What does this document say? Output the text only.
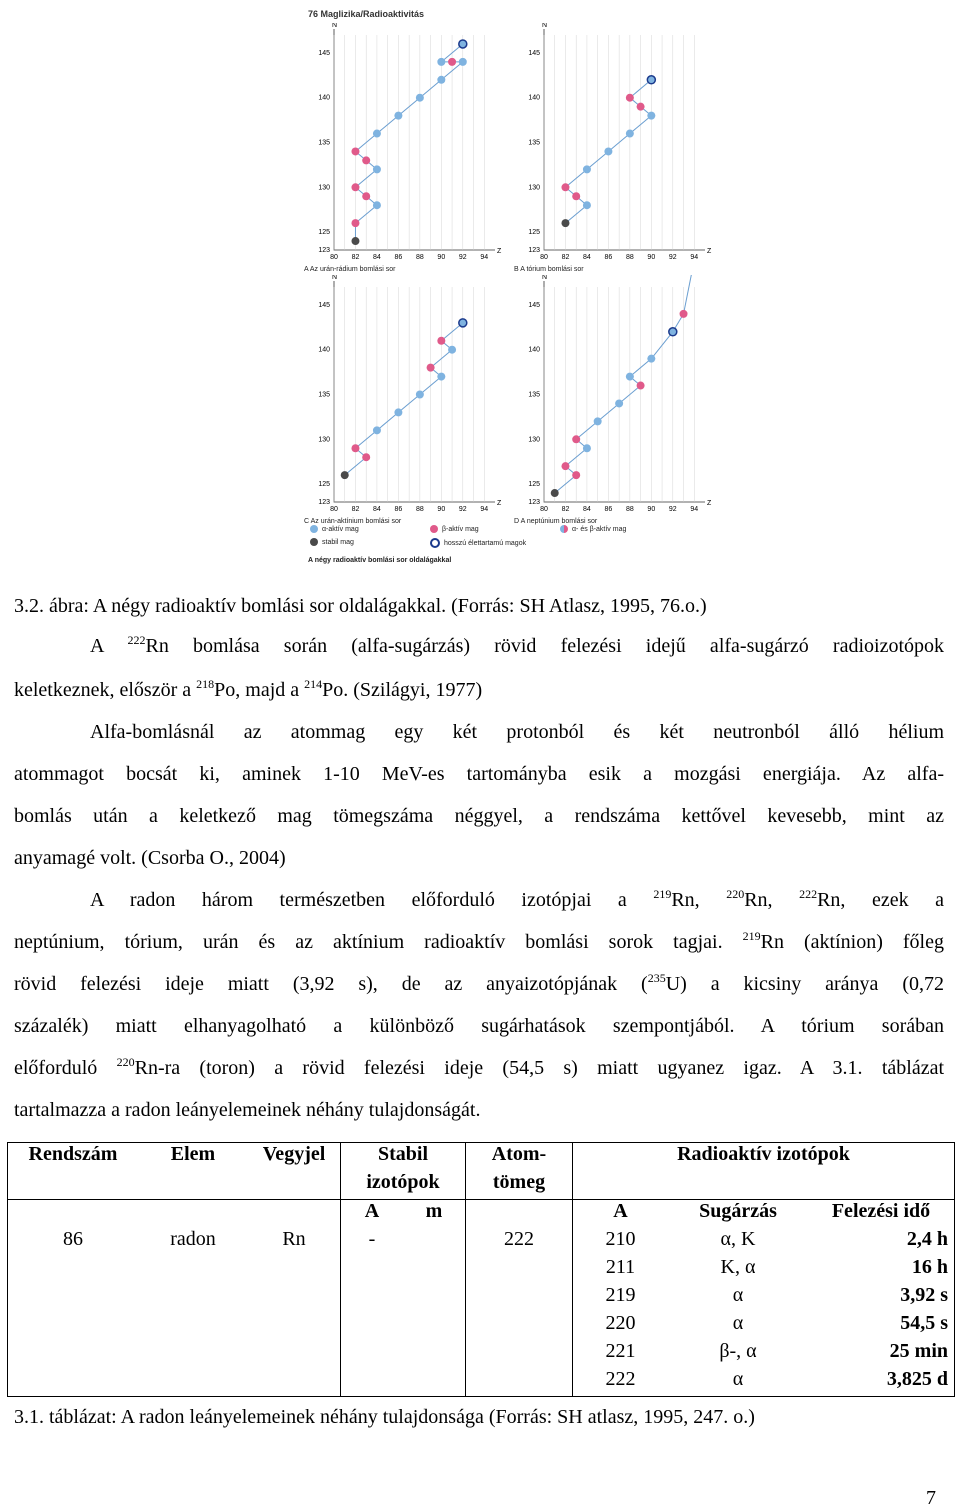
76 Maglizika/Radioaktivitás
145
140
135
130
125
123
80 82 84 86 88 90 92 94
N
Z
A Az urán-rádium bomlási sor
145
140
135
130
125
123
80 82 84 86 88 90 92 94
N
Z
B A tórium bomlási sor
145
140
135
130
125
123
80 82 84 86 88 90 92 94
N
Z
C Az urán-aktínium bomlási sor
145
140
135
130
125
123
80 82 84 86 88 90 92 94
N
Z
D A neptúnium bomlási sor
α-aktív mag	β-aktív mag	α- és β-aktív mag
stabil mag	hosszú élettartamú magok
A négy radioaktív bomlási sor oldalágakkal
3.2. ábra: A négy radioaktív bomlási sor oldalágakkal. (Forrás: SH Atlasz, 1995, 76.o.)
A $^{222}$Rn bomlása során (alfa-sugárzás) rövid felezési idejű alfa-sugárzó radioizotópok
keletkeznek, először a $^{218}$Po, majd a $^{214}$Po. (Szilágyi, 1977)
Alfa-bomlásnál az atommag egy két protonból és két neutronból álló hélium
atommagot bocsát ki, aminek 1-10 MeV-es tartományba esik a mozgási energiája. Az alfa-
bomlás után a keletkező mag tömegszáma néggyel, a rendszáma kettővel kevesebb, mint az
anyamagé volt. (Csorba O., 2004)
A radon három természetben előforduló izotópjai a $^{219}$Rn, $^{220}$Rn, $^{222}$Rn, ezek a
neptúnium, tórium, urán és az aktínium radioaktív bomlási sorok tagjai. $^{219}$Rn (aktínion) főleg
rövid felezési ideje miatt (3,92 s), de az anyaizotópjának ($^{235}$U) a kicsiny aránya (0,72
százalék) miatt elhanyagolható a különböző sugárhatások szempontjából. A tórium sorában
előforduló $^{220}$Rn-ra (toron) a rövid felezési ideje (54,5 s) miatt ugyanez igaz. A 3.1. táblázat
tartalmazza a radon leányelemeinek néhány tulajdonságát.
Rendszám	Elem	Vegyjel	Stabil		Atom-	Radioaktív izotópok		
			izotópok		tömeg			
			A	m		A	Sugárzás	Felezési idő
86	radon	Rn	-		222	210	α, K	2,4 h
						211	K, α	16 h
						219	α	3,92 s
						220	α	54,5 s
						221	β-, α	25 min
						222	α	3,825 d
3.1. táblázat: A radon leányelemeinek néhány tulajdonsága (Forrás: SH atlasz, 1995, 247. o.)
7
